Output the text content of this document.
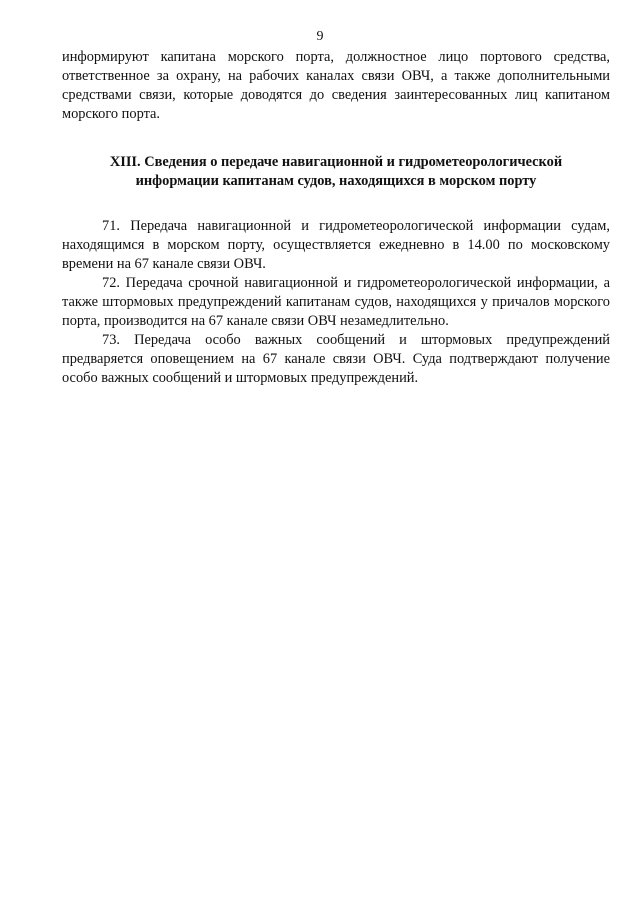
9

информируют капитана морского порта, должностное лицо портового средства, ответственное за охрану, на рабочих каналах связи ОВЧ, а также дополнительными средствами связи, которые доводятся до сведения заинтересованных лиц капитаном морского порта.

XIII. Сведения о передаче навигационной и гидрометеорологической
информации капитанам судов, находящихся в морском порту

71. Передача навигационной и гидрометеорологической информации судам, находящимся в морском порту, осуществляется ежедневно в 14.00 по московскому времени на 67 канале связи ОВЧ.

72. Передача срочной навигационной и гидрометеорологической информации, а также штормовых предупреждений капитанам судов, находящихся у причалов морского порта, производится на 67 канале связи ОВЧ незамедлительно.

73. Передача особо важных сообщений и штормовых предупреждений предваряется оповещением на 67 канале связи ОВЧ. Суда подтверждают получение особо важных сообщений и штормовых предупреждений.
